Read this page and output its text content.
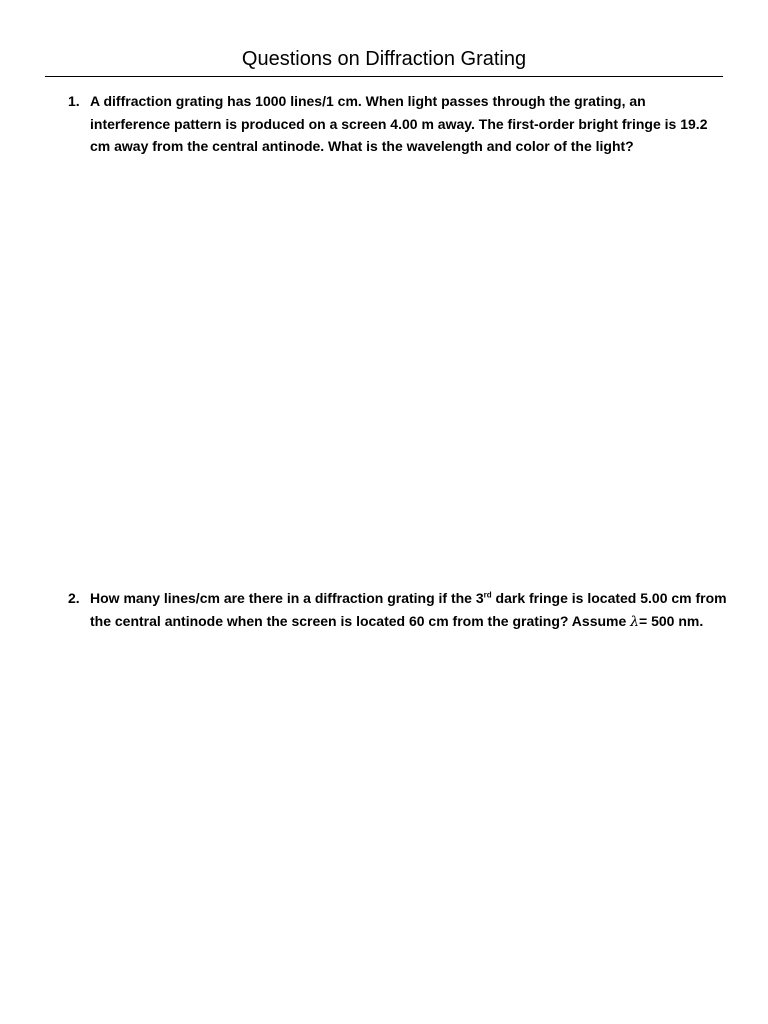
Questions on Diffraction Grating
1. A diffraction grating has 1000 lines/1 cm. When light passes through the grating, an interference pattern is produced on a screen 4.00 m away. The first-order bright fringe is 19.2 cm away from the central antinode. What is the wavelength and color of the light?
2. How many lines/cm are there in a diffraction grating if the 3rd dark fringe is located 5.00 cm from the central antinode when the screen is located 60 cm from the grating? Assume λ= 500 nm.
